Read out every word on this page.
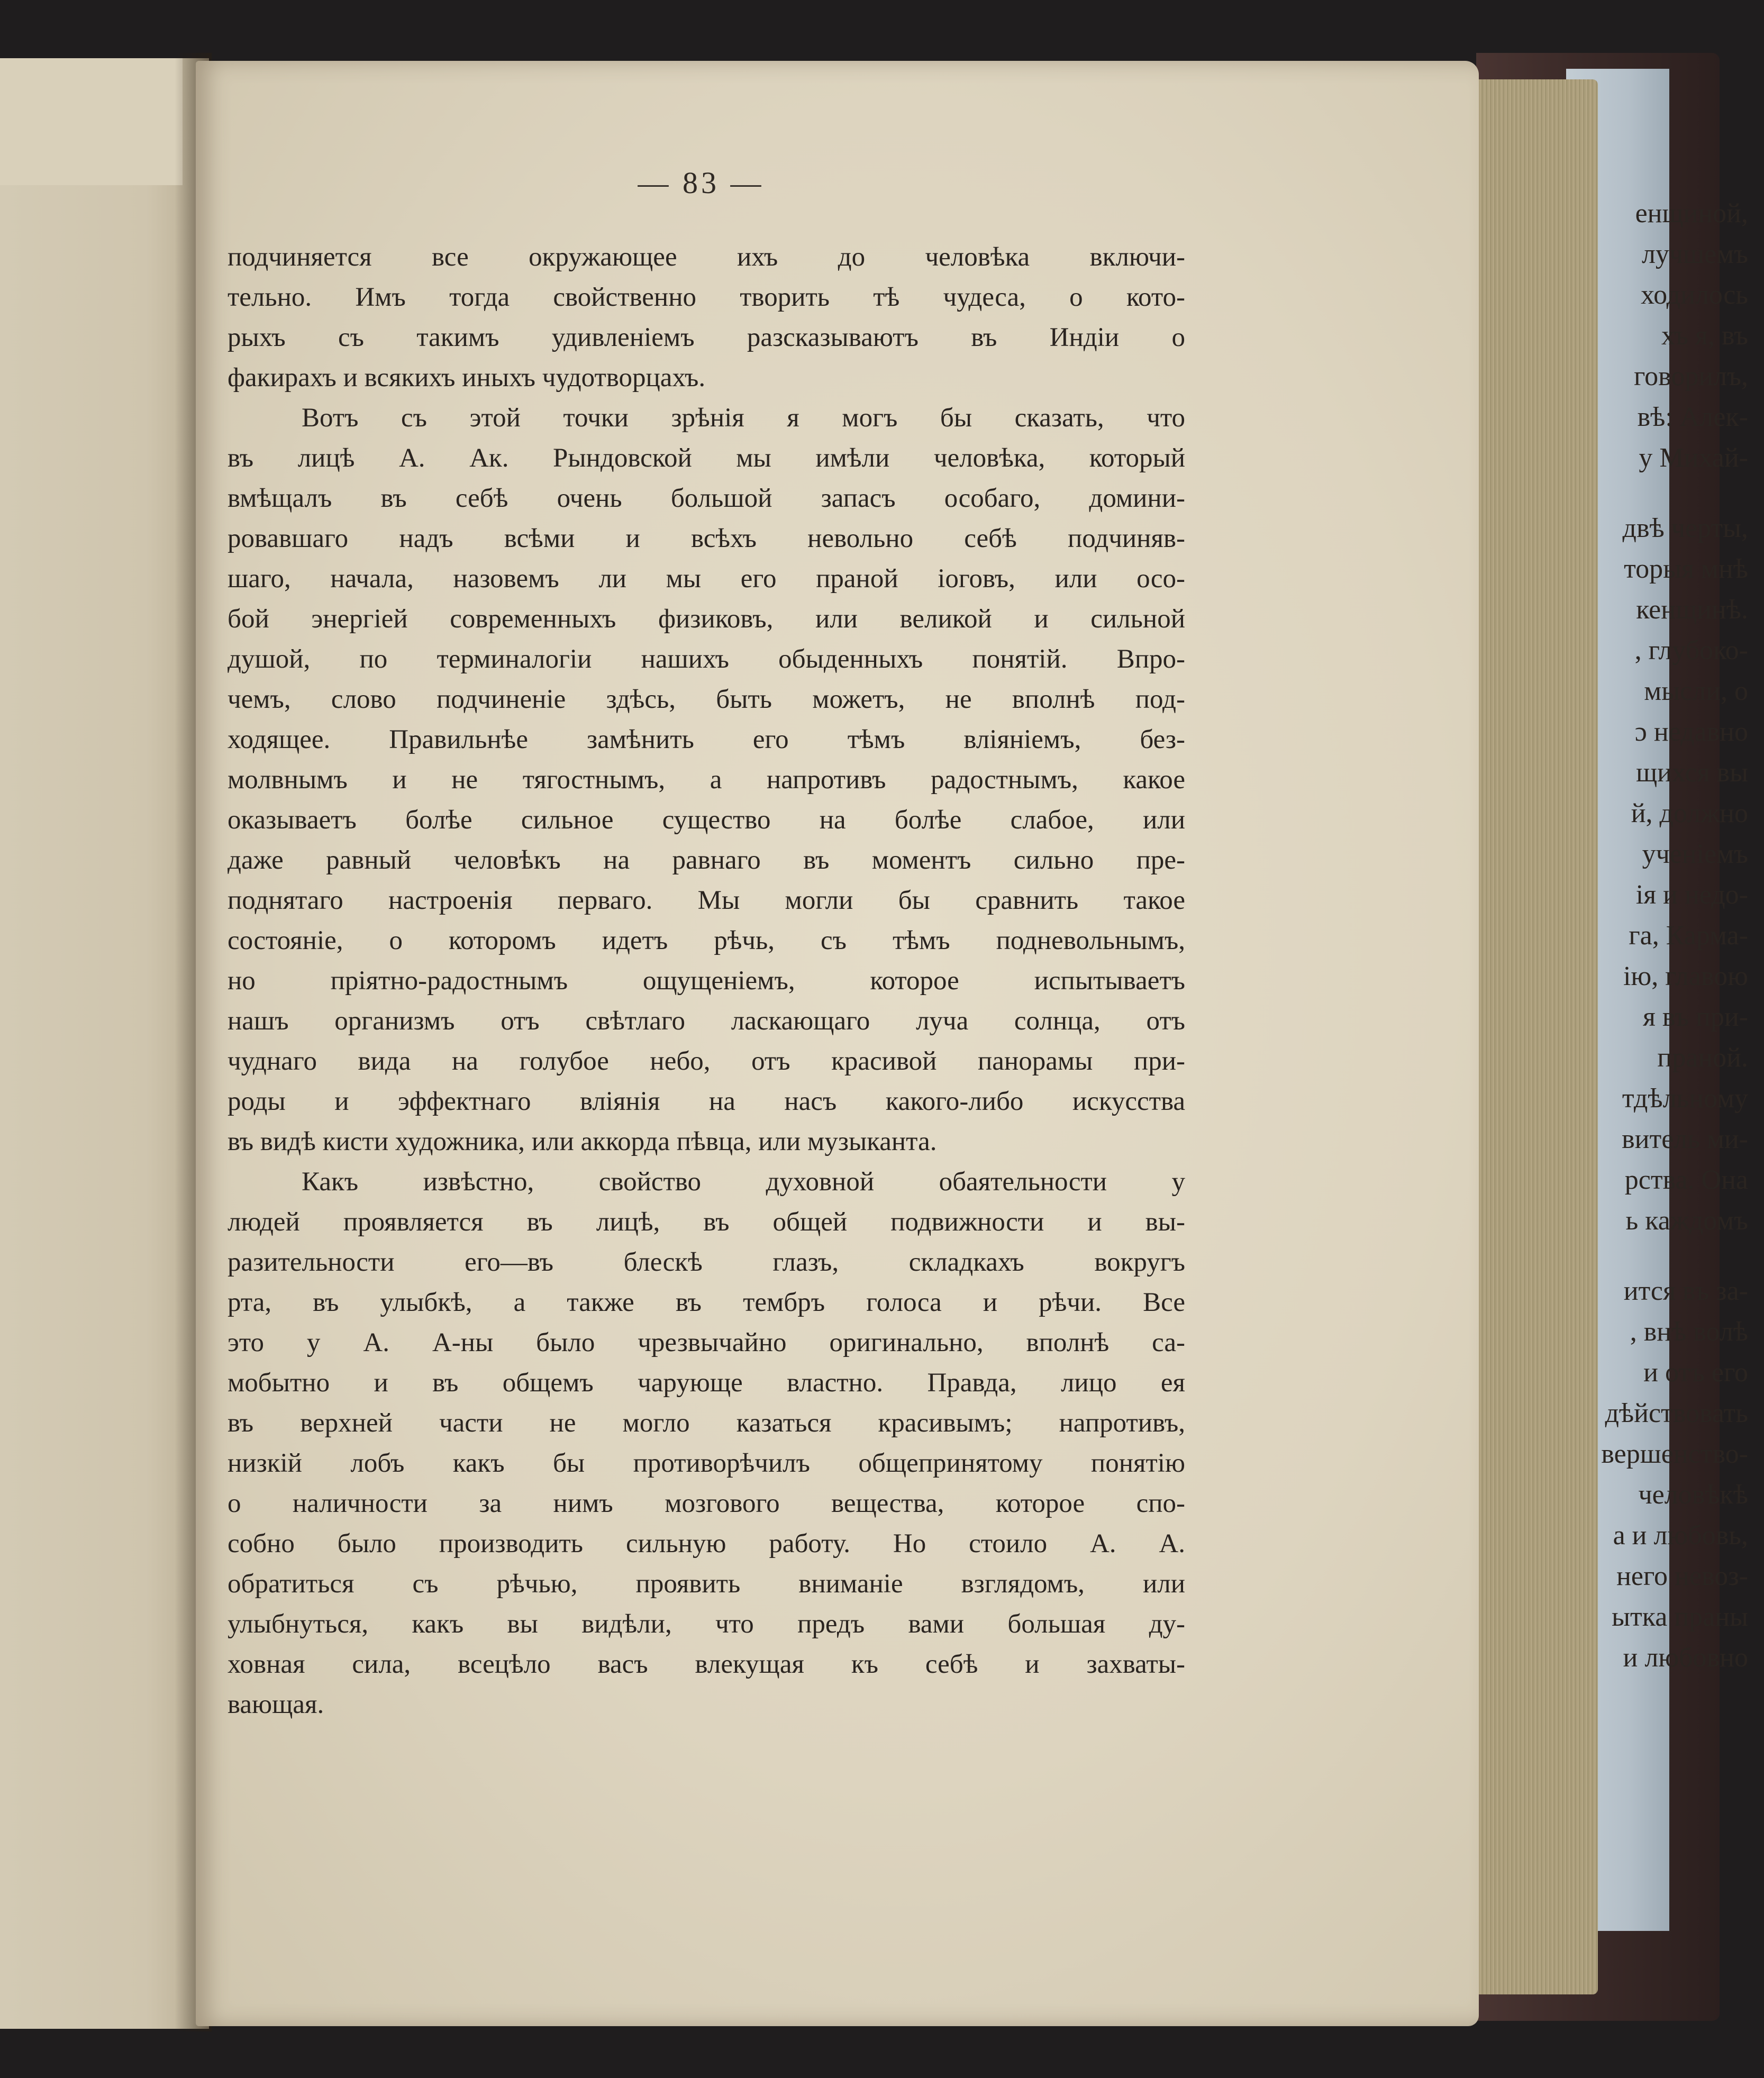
енщиной,
лучшемъ
ходилось
хъ я, въ
говорилъ,
вѣ: Алек-
у Михай-
двѣ черты,
торыя мнѣ
кенщинѣ.
, глубоко-
мысли, о
ɔ недавно
щихся вы
й, должно
ученіемъ
ія и недо-
га, Карма-
ію, главою
я въ при-
праной.
тдѣльному
витель ми-
рства. Она
ь каждомъ
ится въ за-
, внѣ волѣ
и отъ его
дѣйствовать
вершенство-
человѣкѣ
а и любовь,
него невоз-
ытка праны
и любовно
— 83 —
подчиняется все окружающее ихъ до человѣка включи-
тельно. Имъ тогда свойственно творить тѣ чудеса, о кото-
рыхъ съ такимъ удивленіемъ разсказываютъ въ Индіи о
факирахъ и всякихъ иныхъ чудотворцахъ.
Вотъ съ этой точки зрѣнія я могъ бы сказать, что
въ лицѣ А. Ак. Рындовской мы имѣли человѣка, который
вмѣщалъ въ себѣ очень большой запасъ особаго, домини-
ровавшаго надъ всѣми и всѣхъ невольно себѣ подчиняв-
шаго, начала, назовемъ ли мы его праной іоговъ, или осо-
бой энергіей современныхъ физиковъ, или великой и сильной
душой, по терминалогіи нашихъ обыденныхъ понятій. Впро-
чемъ, слово подчиненіе здѣсь, быть можетъ, не вполнѣ под-
ходящее. Правильнѣе замѣнить его тѣмъ вліяніемъ, без-
молвнымъ и не тягостнымъ, а напротивъ радостнымъ, какое
оказываетъ болѣе сильное существо на болѣе слабое, или
даже равный человѣкъ на равнаго въ моментъ сильно пре-
поднятаго настроенія перваго. Мы могли бы сравнить такое
состояніе, о которомъ идетъ рѣчь, съ тѣмъ подневольнымъ,
но пріятно-радостнымъ ощущеніемъ, которое испытываетъ
нашъ организмъ отъ свѣтлаго ласкающаго луча солнца, отъ
чуднаго вида на голубое небо, отъ красивой панорамы при-
роды и эффектнаго вліянія на насъ какого-либо искусства
въ видѣ кисти художника, или аккорда пѣвца, или музыканта.
Какъ извѣстно, свойство духовной обаятельности у
людей проявляется въ лицѣ, въ общей подвижности и вы-
разительности его—въ блескѣ глазъ, складкахъ вокругъ
рта, въ улыбкѣ, а также въ тембръ голоса и рѣчи. Все
это у А. А-ны было чрезвычайно оригинально, вполнѣ са-
мобытно и въ общемъ чарующе властно. Правда, лицо ея
въ верхней части не могло казаться красивымъ; напротивъ,
низкій лобъ какъ бы противорѣчилъ общепринятому понятію
о наличности за нимъ мозгового вещества, которое спо-
собно было производить сильную работу. Но стоило А. А.
обратиться съ рѣчью, проявить вниманіе взглядомъ, или
улыбнуться, какъ вы видѣли, что предъ вами большая ду-
ховная сила, всецѣло васъ влекущая къ себѣ и захваты-
вающая.
